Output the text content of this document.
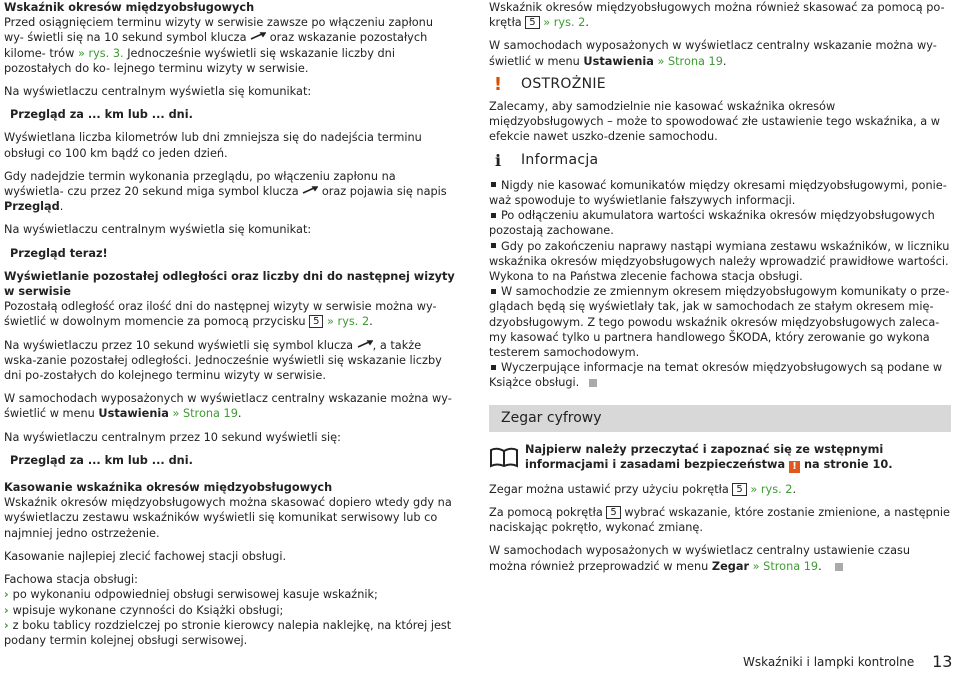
Wskaźnik okresów międzyobsługowych

Przed osiągnięciem terminu wizyty w serwisie zawsze po włączeniu zapłonu wy- świetli się na 10 sekund symbol klucza oraz wskazanie pozostałych kilome- trów » rys. 3. Jednocześnie wyświetli się wskazanie liczby dni pozostałych do ko- lejnego terminu wizyty w serwisie.

Na wyświetlaczu centralnym wyświetla się komunikat:

Przegląd za ... km lub ... dni.

Wyświetlana liczba kilometrów lub dni zmniejsza się do nadejścia terminu obsługi co 100 km bądź co jeden dzień.

Gdy nadejdzie termin wykonania przeglądu, po włączeniu zapłonu na wyświetla- czu przez 20 sekund miga symbol klucza oraz pojawia się napis Przegląd.

Na wyświetlaczu centralnym wyświetla się komunikat:

Przegląd teraz!

Wyświetlanie pozostałej odległości oraz liczby dni do następnej wizyty w serwisie

Pozostałą odległość oraz ilość dni do następnej wizyty w serwisie można wy-świetlić w dowolnym momencie za pomocą przycisku 5 » rys. 2.

Na wyświetlaczu przez 10 sekund wyświetli się symbol klucza , a także wska-zanie pozostałej odległości. Jednocześnie wyświetli się wskazanie liczby dni po-zostałych do kolejnego terminu wizyty w serwisie.

W samochodach wyposażonych w wyświetlacz centralny wskazanie można wy-świetlić w menu Ustawienia » Strona 19.

Na wyświetlaczu centralnym przez 10 sekund wyświetli się:

Przegląd za ... km lub ... dni.

Kasowanie wskaźnika okresów międzyobsługowych

Wskaźnik okresów międzyobsługowych można skasować dopiero wtedy gdy na wyświetlaczu zestawu wskaźników wyświetli się komunikat serwisowy lub co najmniej jedno ostrzeżenie.

Kasowanie najlepiej zlecić fachowej stacji obsługi.

Fachowa stacja obsługi:

› po wykonaniu odpowiedniej obsługi serwisowej kasuje wskaźnik;
› wpisuje wykonane czynności do Książki obsługi;
› z boku tablicy rozdzielczej po stronie kierowcy nalepia naklejkę, na której jest podany termin kolejnej obsługi serwisowej.

Wskaźnik okresów międzyobsługowych można również skasować za pomocą po-krętła 5 » rys. 2.

W samochodach wyposażonych w wyświetlacz centralny wskazanie można wy-świetlić w menu Ustawienia » Strona 19.

!	OSTROŻNIE

Zalecamy, aby samodzielnie nie kasować wskaźnika okresów międzyobsługowych – może to spowodować złe ustawienie tego wskaźnika, a w efekcie nawet uszko-dzenie samochodu.

i	Informacja
Nigdy nie kasować komunikatów między okresami międzyobsługowymi, ponie-waż spowoduje to wyświetlanie fałszywych informacji.
Po odłączeniu akumulatora wartości wskaźnika okresów międzyobsługowych pozostają zachowane.
Gdy po zakończeniu naprawy nastąpi wymiana zestawu wskaźników, w liczniku wskaźnika okresów międzyobsługowych należy wprowadzić prawidłowe wartości. Wykona to na Państwa zlecenie fachowa stacja obsługi.
W samochodzie ze zmiennym okresem międzyobsługowym komunikaty o prze-glądach będą się wyświetlały tak, jak w samochodach ze stałym okresem mię-dzyobsługowym. Z tego powodu wskaźnik okresów międzyobsługowych zaleca-my kasować tylko u partnera handlowego ŠKODA, który zerowanie go wykona testerem samochodowym.
Wyczerpujące informacje na temat okresów międzyobsługowych są podane w Książce obsługi.
Zegar cyfrowy
Najpierw należy przeczytać i zapoznać się ze wstępnymi informacjami i zasadami bezpieczeństwa ! na stronie 10.

Zegar można ustawić przy użyciu pokrętła 5 » rys. 2.

Za pomocą pokrętła 5 wybrać wskazanie, które zostanie zmienione, a następnie naciskając pokrętło, wykonać zmianę.

W samochodach wyposażonych w wyświetlacz centralny ustawienie czasu można również przeprowadzić w menu Zegar » Strona 19.

Wskaźniki i lampki kontrolne 13
